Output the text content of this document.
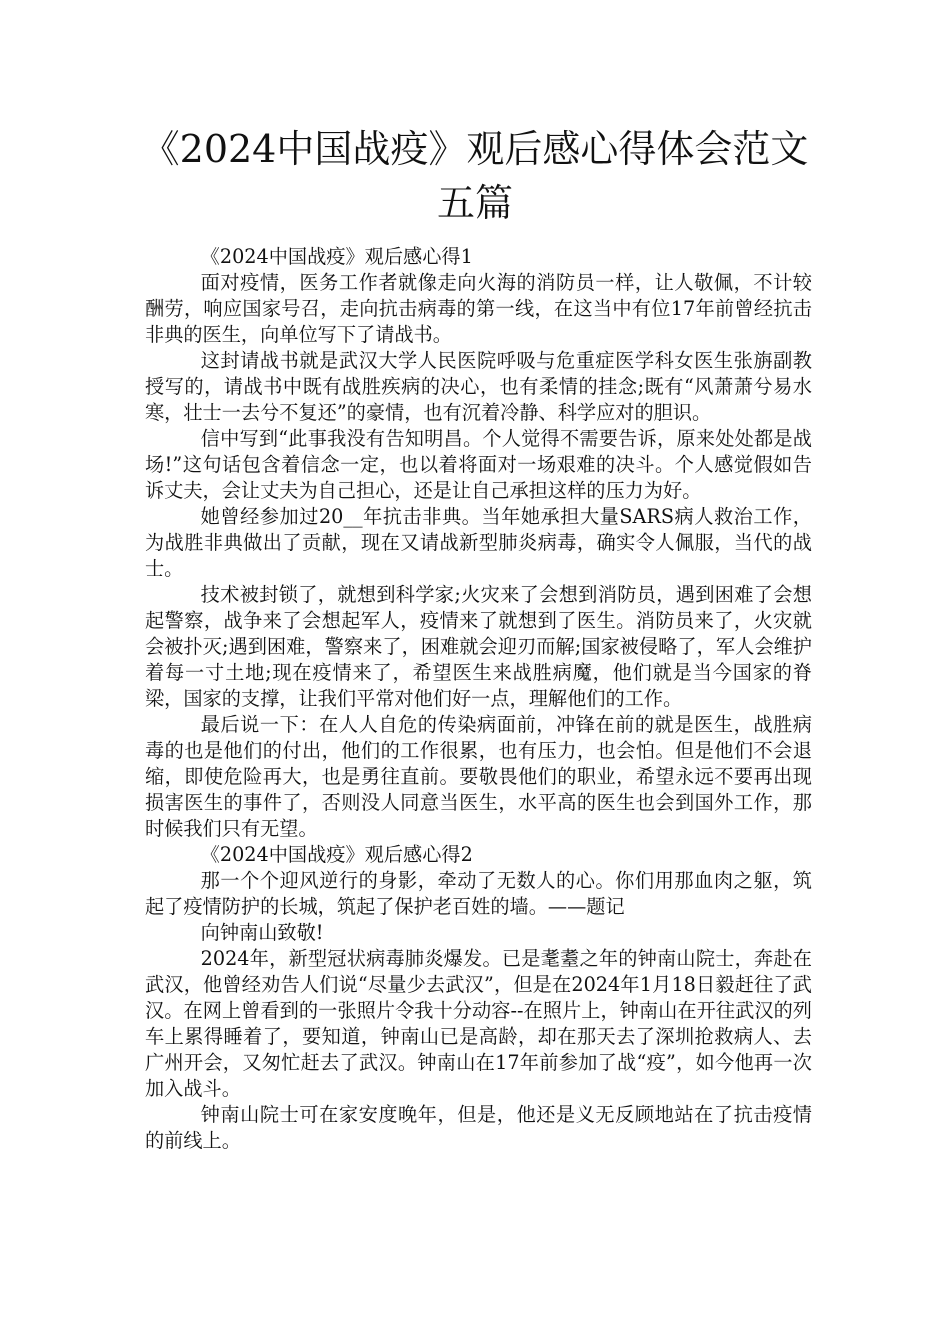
《2024中国战疫》观后感心得体会范文五篇

《2024中国战疫》观后感心得1

面对疫情，医务工作者就像走向火海的消防员一样，让人敬佩，不计较酬劳，响应国家号召，走向抗击病毒的第一线，在这当中有位17年前曾经抗击非典的医生，向单位写下了请战书。

这封请战书就是武汉大学人民医院呼吸与危重症医学科女医生张旃副教授写的，请战书中既有战胜疾病的决心，也有柔情的挂念;既有“风萧萧兮易水寒，壮士一去兮不复还”的豪情，也有沉着冷静、科学应对的胆识。

信中写到“此事我没有告知明昌。个人觉得不需要告诉，原来处处都是战场!”这句话包含着信念一定，也以着将面对一场艰难的决斗。个人感觉假如告诉丈夫，会让丈夫为自己担心，还是让自己承担这样的压力为好。

她曾经参加过20__年抗击非典。当年她承担大量SARS病人救治工作，为战胜非典做出了贡献，现在又请战新型肺炎病毒，确实令人佩服，当代的战士。

技术被封锁了，就想到科学家;火灾来了会想到消防员，遇到困难了会想起警察，战争来了会想起军人，疫情来了就想到了医生。消防员来了，火灾就会被扑灭;遇到困难，警察来了，困难就会迎刃而解;国家被侵略了，军人会维护着每一寸土地;现在疫情来了，希望医生来战胜病魔，他们就是当今国家的脊梁，国家的支撑，让我们平常对他们好一点，理解他们的工作。

最后说一下：在人人自危的传染病面前，冲锋在前的就是医生，战胜病毒的也是他们的付出，他们的工作很累，也有压力，也会怕。但是他们不会退缩，即使危险再大，也是勇往直前。要敬畏他们的职业，希望永远不要再出现损害医生的事件了，否则没人同意当医生，水平高的医生也会到国外工作，那时候我们只有无望。

《2024中国战疫》观后感心得2

那一个个迎风逆行的身影，牵动了无数人的心。你们用那血肉之躯，筑起了疫情防护的长城，筑起了保护老百姓的墙。——题记

向钟南山致敬!

2024年，新型冠状病毒肺炎爆发。已是耄耋之年的钟南山院士，奔赴在武汉，他曾经劝告人们说“尽量少去武汉”，但是在2024年1月18日毅赶往了武汉。在网上曾看到的一张照片令我十分动容--在照片上，钟南山在开往武汉的列车上累得睡着了，要知道，钟南山已是高龄，却在那天去了深圳抢救病人、去广州开会，又匆忙赶去了武汉。钟南山在17年前参加了战“疫”，如今他再一次加入战斗。

钟南山院士可在家安度晚年，但是，他还是义无反顾地站在了抗击疫情的前线上。
